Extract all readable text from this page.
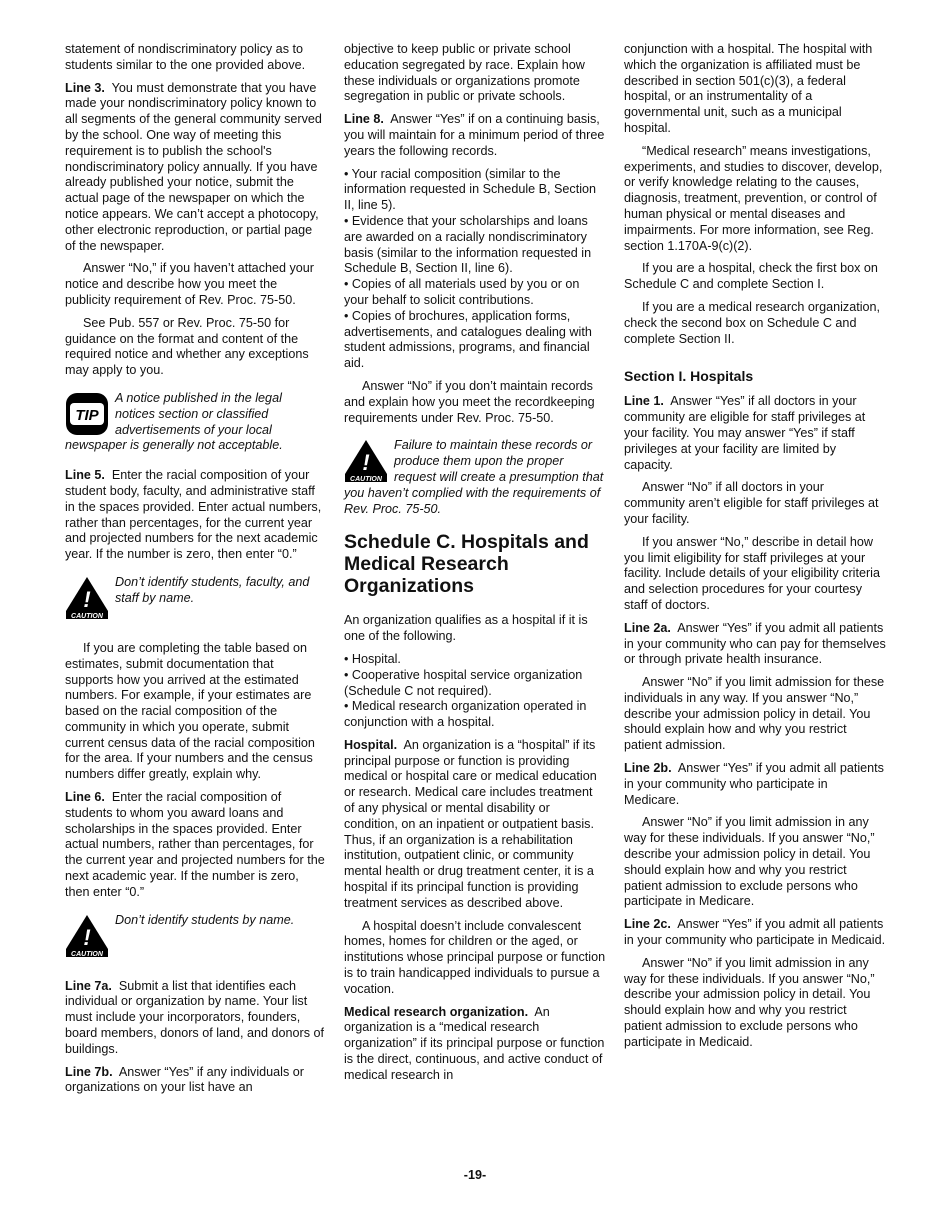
statement of nondiscriminatory policy as to students similar to the one provided above.

Line 3. You must demonstrate that you have made your nondiscriminatory policy known to all segments of the general community served by the school. One way of meeting this requirement is to publish the school's nondiscriminatory policy annually. If you have already published your notice, submit the actual page of the newspaper on which the notice appears. We can’t accept a photocopy, other electronic reproduction, or partial page of the newspaper.

Answer “No,” if you haven’t attached your notice and describe how you meet the publicity requirement of Rev. Proc. 75-50.

See Pub. 557 or Rev. Proc. 75-50 for guidance on the format and content of the required notice and whether any exceptions may apply to you.

TIP
A notice published in the legal notices section or classified advertisements of your local newspaper is generally not acceptable.

Line 5. Enter the racial composition of your student body, faculty, and administrative staff in the spaces provided. Enter actual numbers, rather than percentages, for the current year and projected numbers for the next academic year. If the number is zero, then enter “0.”

!
CAUTION
Don’t identify students, faculty, and staff by name.

If you are completing the table based on estimates, submit documentation that supports how you arrived at the estimated numbers. For example, if your estimates are based on the racial composition of the community in which you operate, submit current census data of the racial composition for the area. If your numbers and the census numbers differ greatly, explain why.

Line 6. Enter the racial composition of students to whom you award loans and scholarships in the spaces provided. Enter actual numbers, rather than percentages, for the current year and projected numbers for the next academic year. If the number is zero, then enter “0.”

!
CAUTION
Don’t identify students by name.

Line 7a. Submit a list that identifies each individual or organization by name. Your list must include your incorporators, founders, board members, donors of land, and donors of buildings.

Line 7b. Answer “Yes” if any individuals or organizations on your list have an

objective to keep public or private school education segregated by race. Explain how these individuals or organizations promote segregation in public or private schools.

Line 8. Answer “Yes” if on a continuing basis, you will maintain for a minimum period of three years the following records.

• Your racial composition (similar to the information requested in Schedule B, Section II, line 5).

• Evidence that your scholarships and loans are awarded on a racially nondiscriminatory basis (similar to the information requested in Schedule B, Section II, line 6).

• Copies of all materials used by you or on your behalf to solicit contributions.

• Copies of brochures, application forms, advertisements, and catalogues dealing with student admissions, programs, and financial aid.

Answer “No” if you don’t maintain records and explain how you meet the recordkeeping requirements under Rev. Proc. 75-50.

!
CAUTION
Failure to maintain these records or produce them upon the proper request will create a presumption that you haven’t complied with the requirements of Rev. Proc. 75-50.
Schedule C. Hospitals and Medical Research Organizations

An organization qualifies as a hospital if it is one of the following.

• Hospital.

• Cooperative hospital service organization (Schedule C not required).

• Medical research organization operated in conjunction with a hospital.

Hospital. An organization is a “hospital” if its principal purpose or function is providing medical or hospital care or medical education or research. Medical care includes treatment of any physical or mental disability or condition, on an inpatient or outpatient basis. Thus, if an organization is a rehabilitation institution, outpatient clinic, or community mental health or drug treatment center, it is a hospital if its principal function is providing treatment services as described above.

A hospital doesn’t include convalescent homes, homes for children or the aged, or institutions whose principal purpose or function is to train handicapped individuals to pursue a vocation.

Medical research organization. An organization is a “medical research organization” if its principal purpose or function is the direct, continuous, and active conduct of medical research in

conjunction with a hospital. The hospital with which the organization is affiliated must be described in section 501(c)(3), a federal hospital, or an instrumentality of a governmental unit, such as a municipal hospital.

“Medical research” means investigations, experiments, and studies to discover, develop, or verify knowledge relating to the causes, diagnosis, treatment, prevention, or control of human physical or mental diseases and impairments. For more information, see Reg. section 1.170A-9(c)(2).

If you are a hospital, check the first box on Schedule C and complete Section I.

If you are a medical research organization, check the second box on Schedule C and complete Section II.

Section I. Hospitals

Line 1. Answer “Yes” if all doctors in your community are eligible for staff privileges at your facility. You may answer “Yes” if staff privileges at your facility are limited by capacity.

Answer “No” if all doctors in your community aren’t eligible for staff privileges at your facility.

If you answer “No,” describe in detail how you limit eligibility for staff privileges at your facility. Include details of your eligibility criteria and selection procedures for your courtesy staff of doctors.

Line 2a. Answer “Yes” if you admit all patients in your community who can pay for themselves or through private health insurance.

Answer “No” if you limit admission for these individuals in any way. If you answer “No,” describe your admission policy in detail. You should explain how and why you restrict patient admission.

Line 2b. Answer “Yes” if you admit all patients in your community who participate in Medicare.

Answer “No” if you limit admission in any way for these individuals. If you answer “No,” describe your admission policy in detail. You should explain how and why you restrict patient admission to exclude persons who participate in Medicare.

Line 2c. Answer “Yes” if you admit all patients in your community who participate in Medicaid.

Answer “No” if you limit admission in any way for these individuals. If you answer “No,” describe your admission policy in detail. You should explain how and why you restrict patient admission to exclude persons who participate in Medicaid.

-19-
